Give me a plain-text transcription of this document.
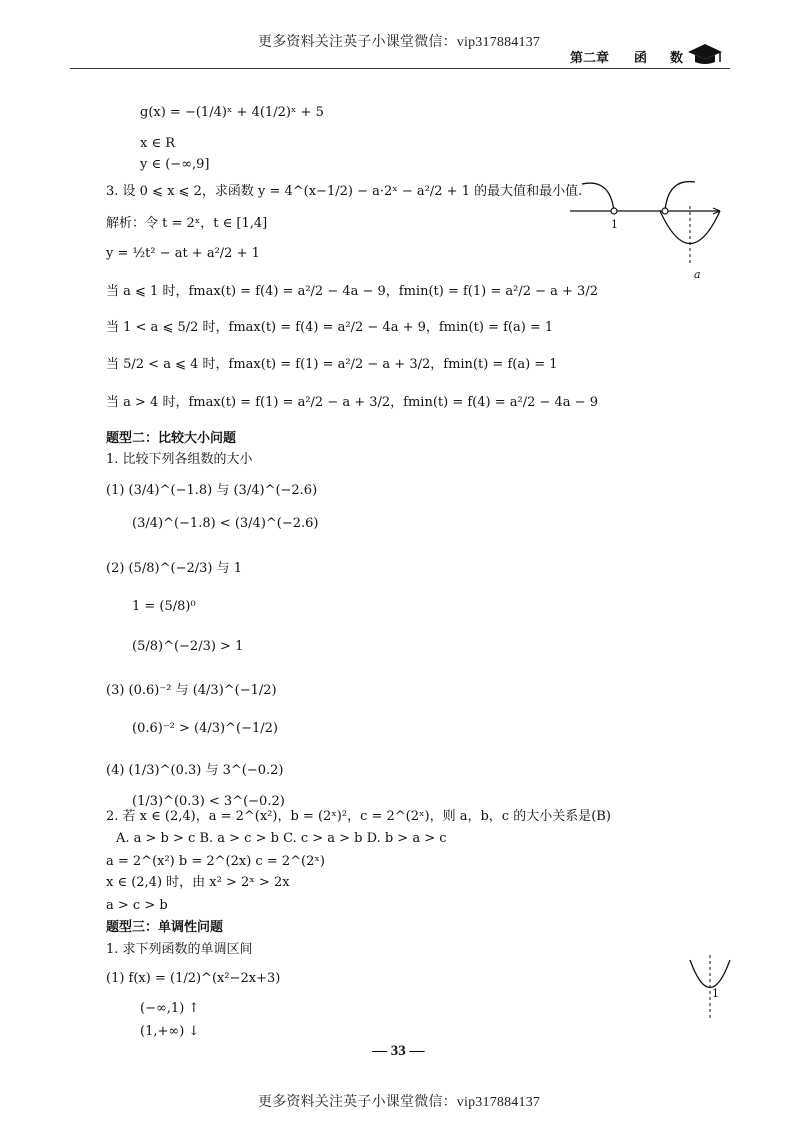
更多资料关注英子小课堂微信：vip317884137
第二章 函 数
g(x) = −(1/4)ˣ + 4(1/2)ˣ + 5
x ∈ R
y ∈ (−∞,9]
3. 设 0 ⩽ x ⩽ 2，求函数 y = 4^(x−1/2) − a·2ˣ − a²/2 + 1 的最大值和最小值.
解析：令 t = 2ˣ，t ∈ [1,4]
y = ½t² − at + a²/2 + 1
当 a ⩽ 1 时，fmax(t) = f(4) = a²/2 − 4a − 9，fmin(t) = f(1) = a²/2 − a + 3/2
当 1 < a ⩽ 5/2 时，fmax(t) = f(4) = a²/2 − 4a + 9，fmin(t) = f(a) = 1
当 5/2 < a ⩽ 4 时，fmax(t) = f(1) = a²/2 − a + 3/2，fmin(t) = f(a) = 1
当 a > 4 时，fmax(t) = f(1) = a²/2 − a + 3/2，fmin(t) = f(4) = a²/2 − 4a − 9
题型二：比较大小问题
1. 比较下列各组数的大小
(1) (3/4)^(−1.8) 与 (3/4)^(−2.6)
(3/4)^(−1.8) < (3/4)^(−2.6)
(2) (5/8)^(−2/3) 与 1
1 = (5/8)⁰
(5/8)^(−2/3) > 1
(3) (0.6)⁻² 与 (4/3)^(−1/2)
(0.6)⁻² > (4/3)^(−1/2)
(4) (1/3)^(0.3) 与 3^(−0.2)
(1/3)^(0.3) < 3^(−0.2)
2. 若 x ∈ (2,4)，a = 2^(x²)，b = (2ˣ)²，c = 2^(2ˣ)，则 a，b，c 的大小关系是(B)
A. a > b > c B. a > c > b C. c > a > b D. b > a > c
a = 2^(x²) b = 2^(2x) c = 2^(2ˣ)
x ∈ (2,4) 时，由 x² > 2ˣ > 2x
a > c > b
题型三：单调性问题
1. 求下列函数的单调区间
(1) f(x) = (1/2)^(x²−2x+3)
(−∞,1) ↑
(1,+∞) ↓
1
a
1
— 33 —
更多资料关注英子小课堂微信：vip317884137
